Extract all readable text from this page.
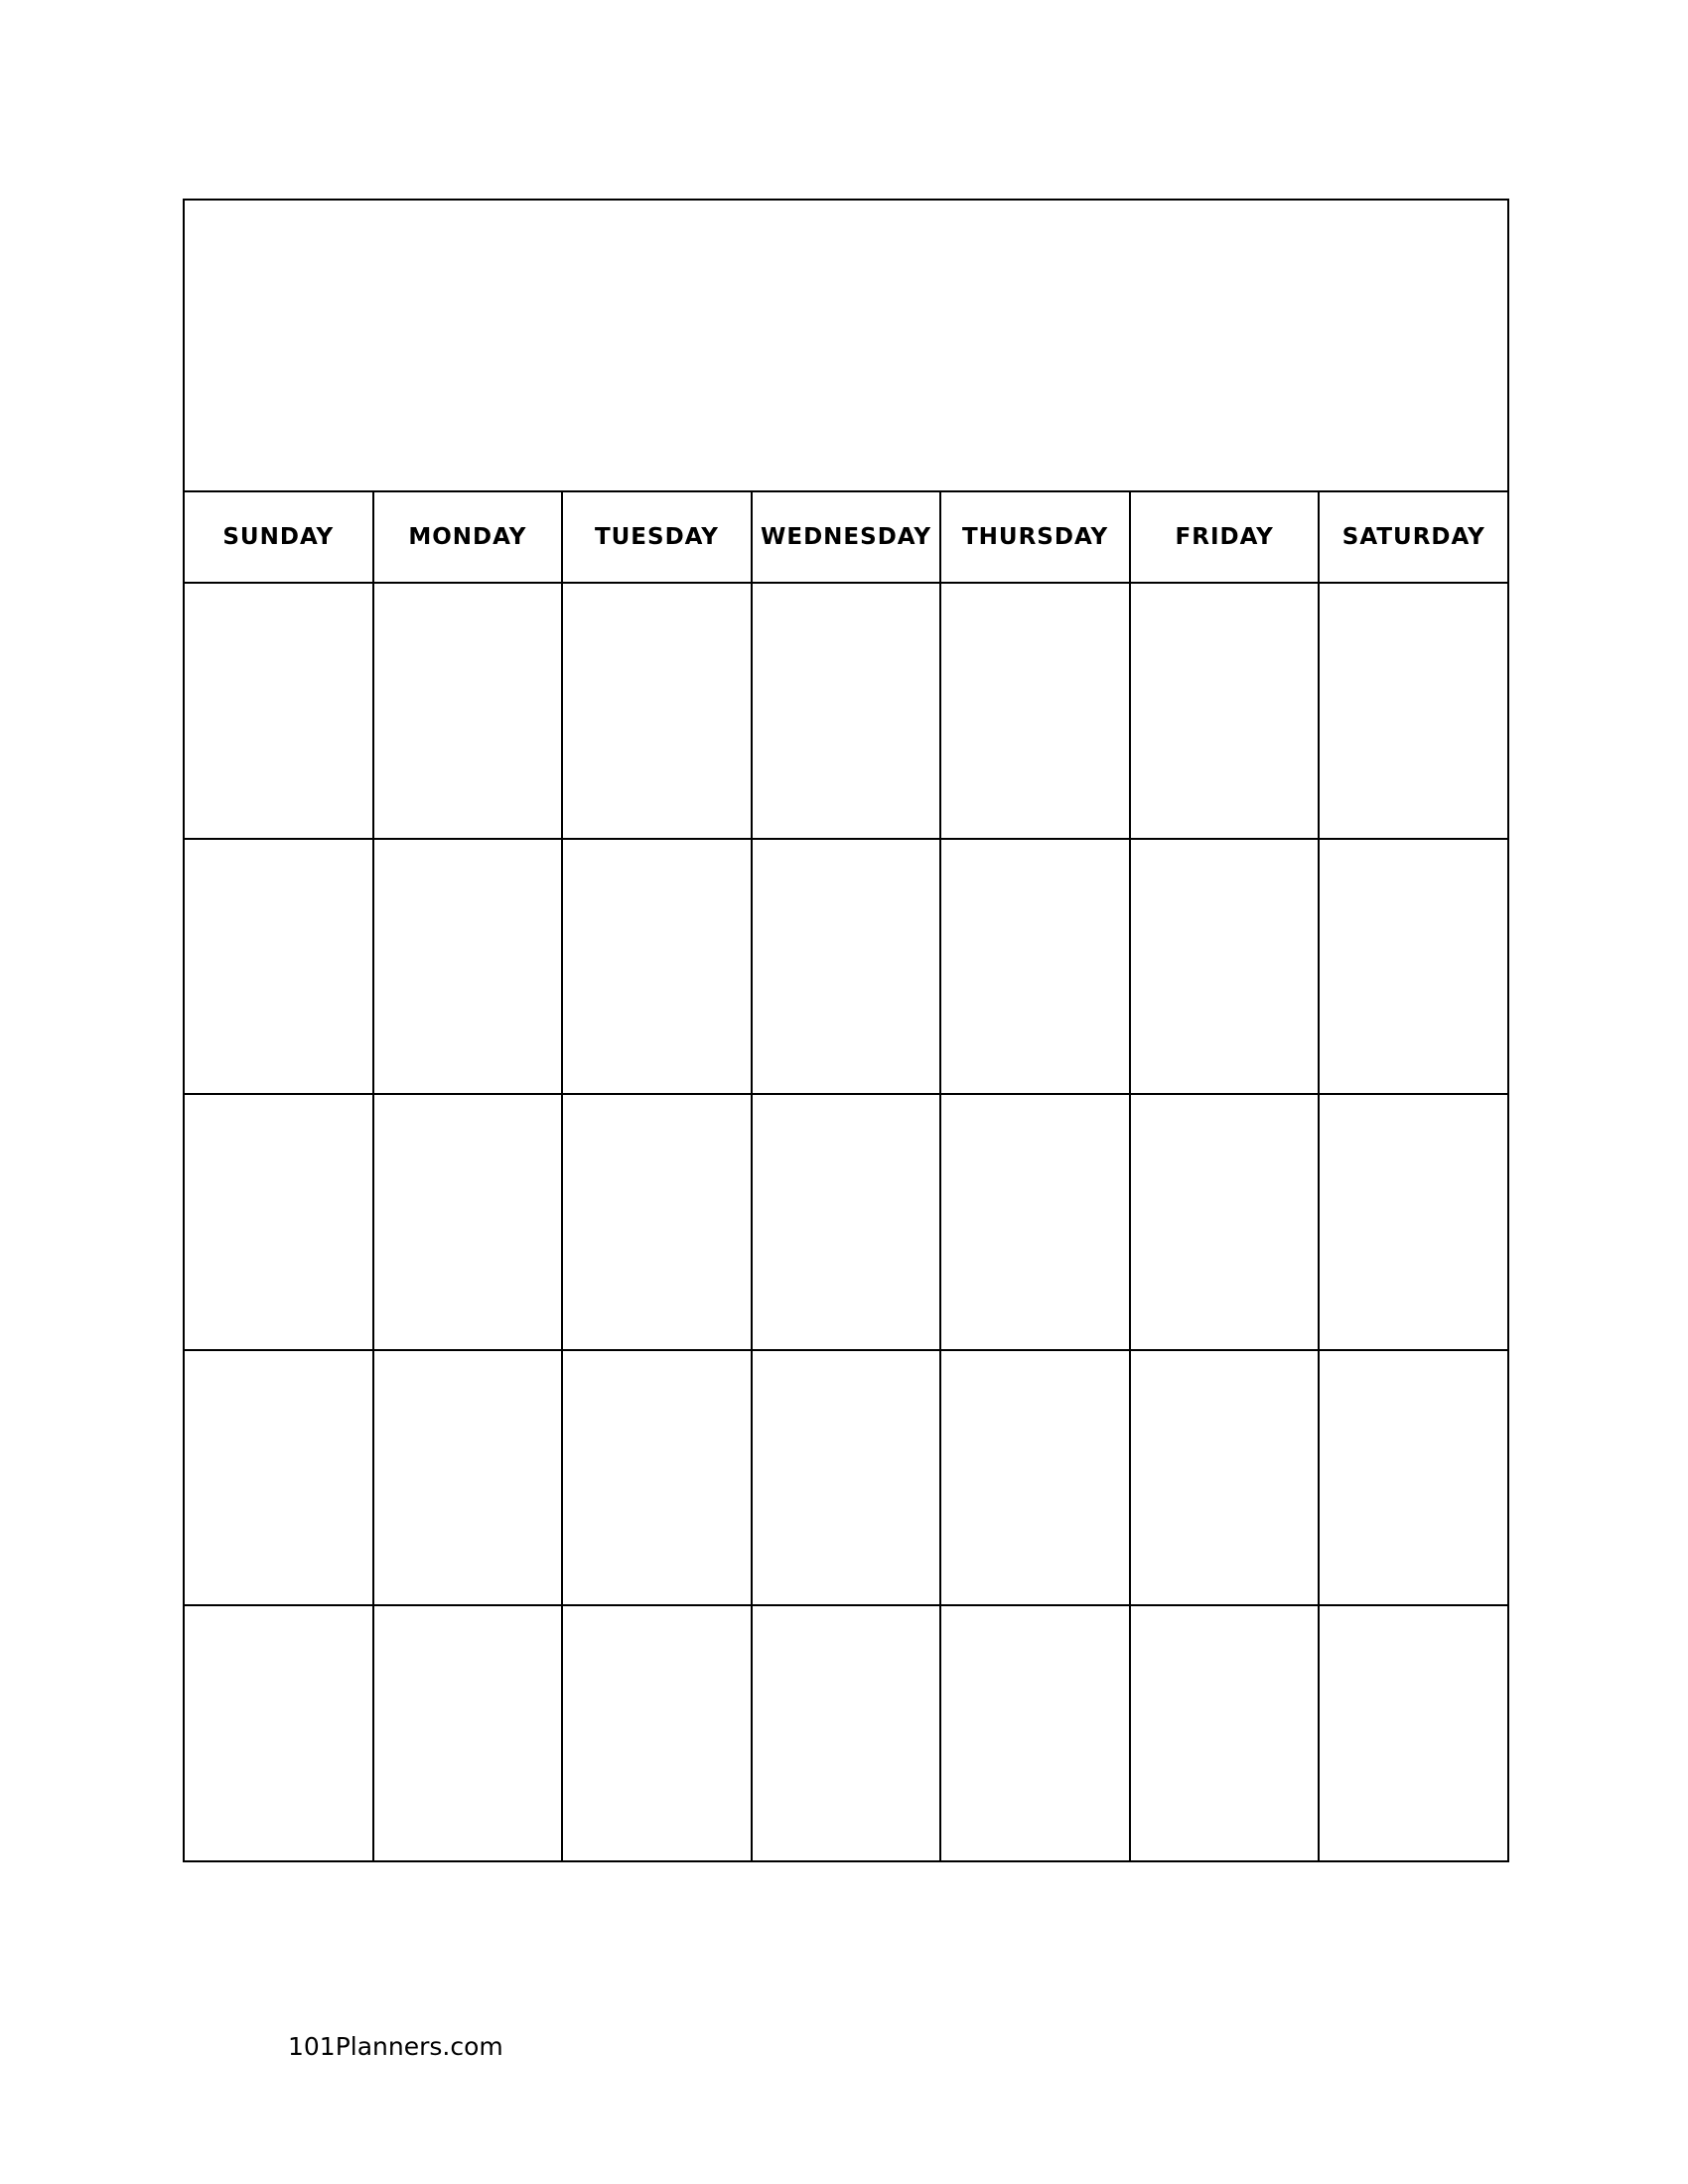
SUNDAY	MONDAY	TUESDAY	WEDNESDAY	THURSDAY	FRIDAY	SATURDAY
101Planners.com
